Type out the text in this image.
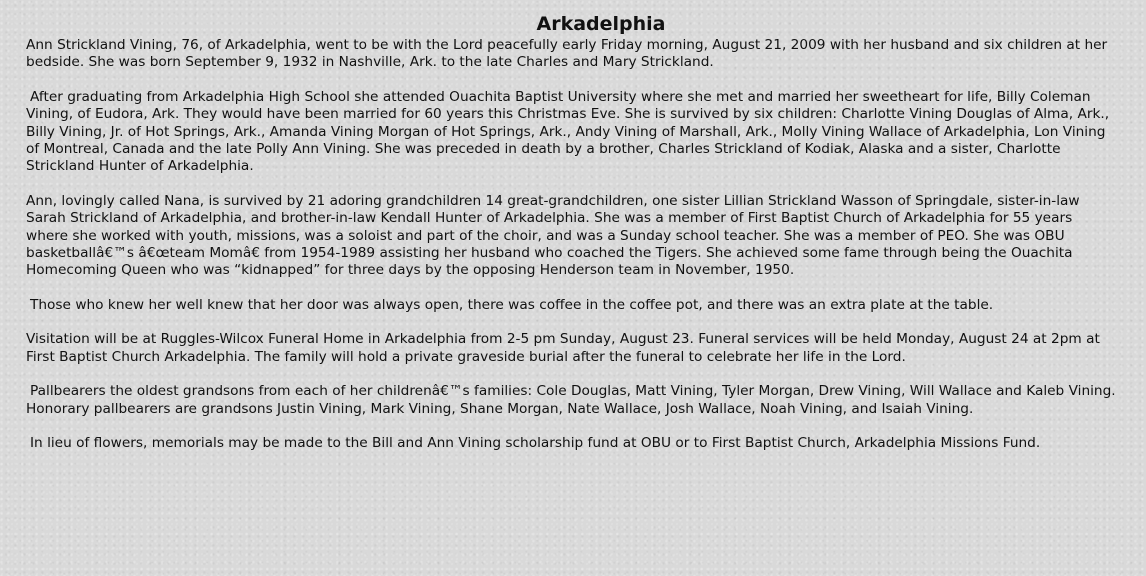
Arkadelphia

Ann Strickland Vining, 76, of Arkadelphia, went to be with the Lord peacefully early Friday morning, August 21, 2009 with her husband and six children at her bedside. She was born September 9, 1932 in Nashville, Ark. to the late Charles and Mary Strickland.

After graduating from Arkadelphia High School she attended Ouachita Baptist University where she met and married her sweetheart for life, Billy Coleman Vining, of Eudora, Ark. They would have been married for 60 years this Christmas Eve. She is survived by six children: Charlotte Vining Douglas of Alma, Ark., Billy Vining, Jr. of Hot Springs, Ark., Amanda Vining Morgan of Hot Springs, Ark., Andy Vining of Marshall, Ark., Molly Vining Wallace of Arkadelphia, Lon Vining of Montreal, Canada and the late Polly Ann Vining. She was preceded in death by a brother, Charles Strickland of Kodiak, Alaska and a sister, Charlotte Strickland Hunter of Arkadelphia.

Ann, lovingly called Nana, is survived by 21 adoring grandchildren 14 great-grandchildren, one sister Lillian Strickland Wasson of Springdale, sister-in-law Sarah Strickland of Arkadelphia, and brother-in-law Kendall Hunter of Arkadelphia. She was a member of First Baptist Church of Arkadelphia for 55 years where she worked with youth, missions, was a soloist and part of the choir, and was a Sunday school teacher. She was a member of PEO. She was OBU basketballâ€™s â€œteam Momâ€ from 1954-1989 assisting her husband who coached the Tigers. She achieved some fame through being the Ouachita Homecoming Queen who was “kidnapped” for three days by the opposing Henderson team in November, 1950.

Those who knew her well knew that her door was always open, there was coffee in the coffee pot, and there was an extra plate at the table.

Visitation will be at Ruggles-Wilcox Funeral Home in Arkadelphia from 2-5 pm Sunday, August 23. Funeral services will be held Monday, August 24 at 2pm at First Baptist Church Arkadelphia. The family will hold a private graveside burial after the funeral to celebrate her life in the Lord.

Pallbearers the oldest grandsons from each of her childrenâ€™s families: Cole Douglas, Matt Vining, Tyler Morgan, Drew Vining, Will Wallace and Kaleb Vining. Honorary pallbearers are grandsons Justin Vining, Mark Vining, Shane Morgan, Nate Wallace, Josh Wallace, Noah Vining, and Isaiah Vining.

In lieu of flowers, memorials may be made to the Bill and Ann Vining scholarship fund at OBU or to First Baptist Church, Arkadelphia Missions Fund.
